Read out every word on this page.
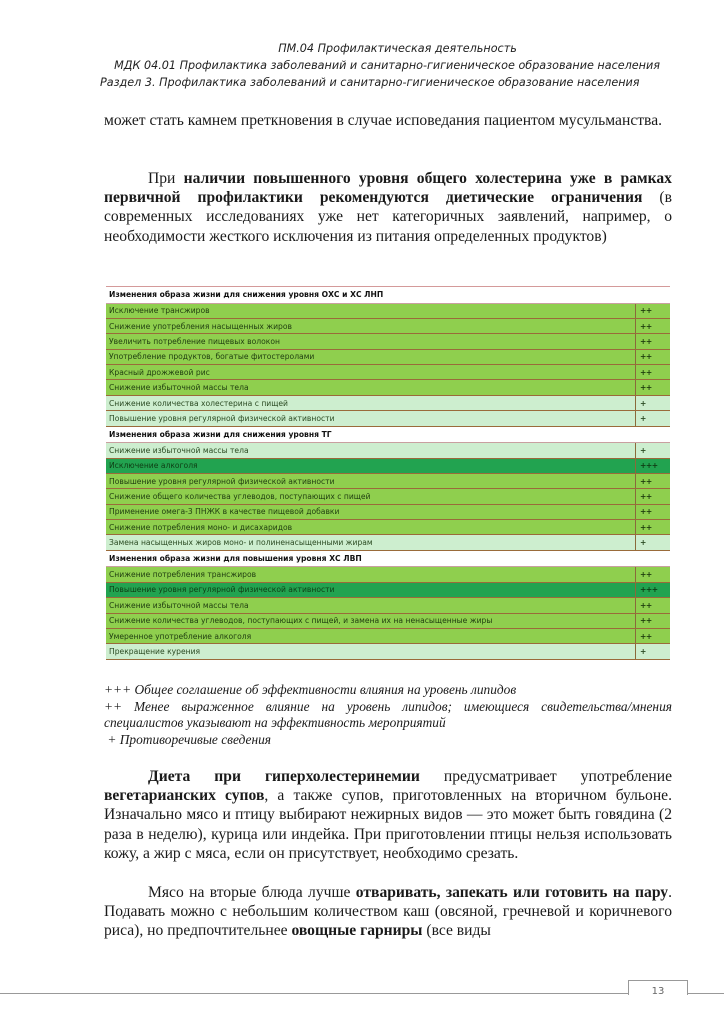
ПМ.04 Профилактическая деятельность
МДК 04.01 Профилактика заболеваний и санитарно-гигиеническое образование населения
Раздел 3. Профилактика заболеваний и санитарно-гигиеническое образование населения
может стать камнем преткновения в случае исповедания пациентом мусульманства.
При наличии повышенного уровня общего холестерина уже в рамках первичной профилактики рекомендуются диетические ограничения (в современных исследованиях уже нет категоричных заявлений, например, о необходимости жесткого исключения из питания определенных продуктов)
Изменения образа жизни для снижения уровня ОХС и ХС ЛНП	
Исключение трансжиров	++
Снижение употребления насыщенных жиров	++
Увеличить потребление пищевых волокон	++
Употребление продуктов, богатые фитостеролами	++
Красный дрожжевой рис	++
Снижение избыточной массы тела	++
Снижение количества холестерина с пищей	+
Повышение уровня регулярной физической активности	+
Изменения образа жизни для снижения уровня ТГ	
Снижение избыточной массы тела	+
Исключение алкоголя	+++
Повышение уровня регулярной физической активности	++
Снижение общего количества углеводов, поступающих с пищей	++
Применение омега-3 ПНЖК в качестве пищевой добавки	++
Снижение потребления моно- и дисахаридов	++
Замена насыщенных жиров моно- и полиненасыщенными жирам	+
Изменения образа жизни для повышения уровня ХС ЛВП	
Снижение потребления трансжиров	++
Повышение уровня регулярной физической активности	+++
Снижение избыточной массы тела	++
Снижение количества углеводов, поступающих с пищей, и замена их на ненасыщенные жиры	++
Умеренное употребление алкоголя	++
Прекращение курения	+
+++ Общее соглашение об эффективности влияния на уровень липидов
++ Менее выраженное влияние на уровень липидов; имеющиеся свидетельства/мнения специалистов указывают на эффективность мероприятий
+ Противоречивые сведения
Диета при гиперхолестеринемии предусматривает употребление вегетарианских супов, а также супов, приготовленных на вторичном бульоне. Изначально мясо и птицу выбирают нежирных видов — это может быть говядина (2 раза в неделю), курица или индейка. При приготовлении птицы нельзя использовать кожу, а жир с мяса, если он присутствует, необходимо срезать.
Мясо на вторые блюда лучше отваривать, запекать или готовить на пару. Подавать можно с небольшим количеством каш (овсяной, гречневой и коричневого риса), но предпочтительнее овощные гарниры (все виды
13
